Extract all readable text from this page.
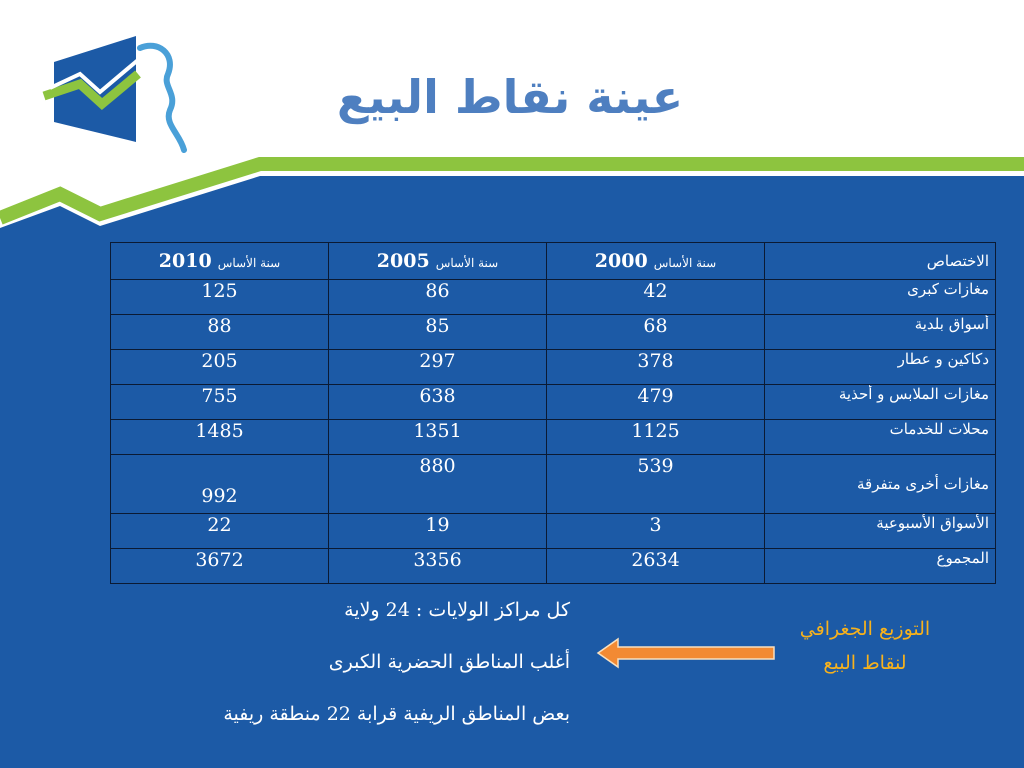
عينة نقاط البيع
الاختصاص	سنة الأساس 2000	سنة الأساس 2005	سنة الأساس 2010
مغازات كبرى	42	86	125
أسواق بلدية	68	85	88
دكاكين و عطار	378	297	205
مغازات الملابس و أحذية	479	638	755
محلات للخدمات	1125	1351	1485
مغازات أخرى متفرقة	539	880	992
الأسواق الأسبوعية	3	19	22
المجموع	2634	3356	3672
كل مراكز الولايات : 24 ولاية
أغلب المناطق الحضرية الكبرى
بعض المناطق الريفية قرابة 22 منطقة ريفية
التوزيع الجغرافي
لنقاط البيع
